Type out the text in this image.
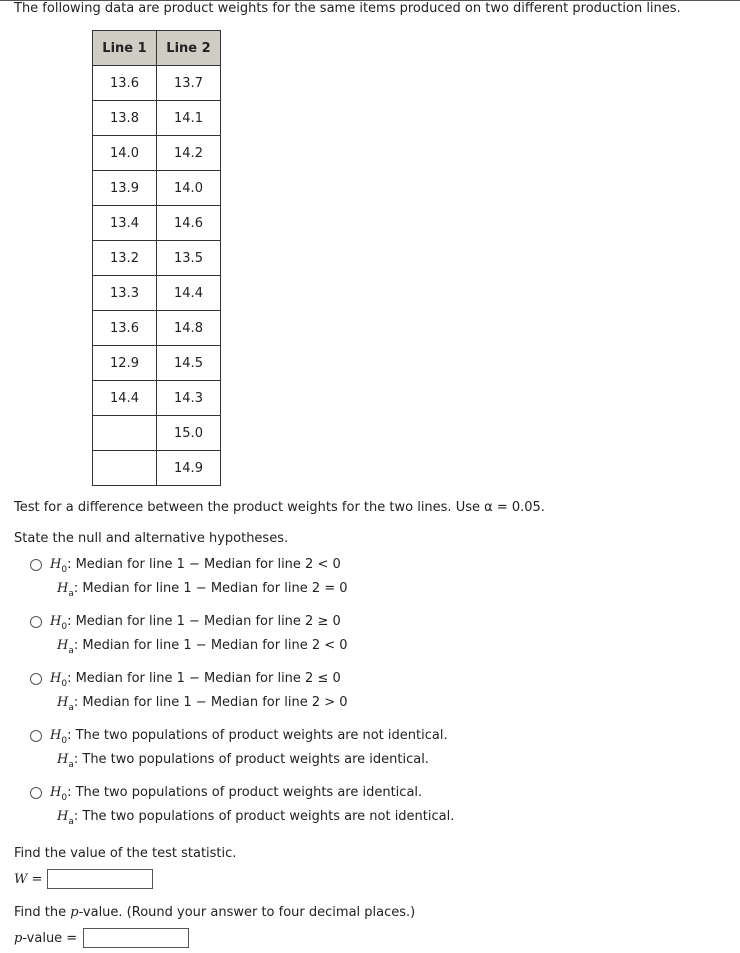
The following data are product weights for the same items produced on two different production lines.
Line 1	Line 2
13.6	13.7
13.8	14.1
14.0	14.2
13.9	14.0
13.4	14.6
13.2	13.5
13.3	14.4
13.6	14.8
12.9	14.5
14.4	14.3
	15.0
	14.9
Test for a difference between the product weights for the two lines. Use α = 0.05.
State the null and alternative hypotheses.
$H_0$: Median for line 1 − Median for line 2 < 0
$H_a$: Median for line 1 − Median for line 2 = 0
$H_0$: Median for line 1 − Median for line 2 ≥ 0
$H_a$: Median for line 1 − Median for line 2 < 0
$H_0$: Median for line 1 − Median for line 2 ≤ 0
$H_a$: Median for line 1 − Median for line 2 > 0
$H_0$: The two populations of product weights are not identical.
$H_a$: The two populations of product weights are identical.
$H_0$: The two populations of product weights are identical.
$H_a$: The two populations of product weights are not identical.
Find the value of the test statistic.
W =
Find the p-value. (Round your answer to four decimal places.)
p-value =
